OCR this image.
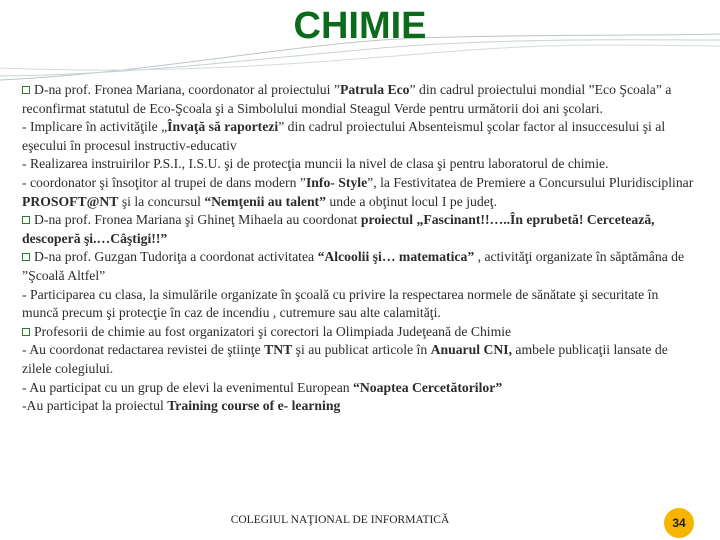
CHIMIE

D-na prof. Fronea Mariana, coordonator al proiectului ”Patrula Eco” din cadrul proiectului mondial ”Eco Şcoala” a reconfirmat statutul de Eco-Şcoala şi a Simbolului mondial Steagul Verde pentru următorii doi ani şcolari.

- Implicare în activităţile „Învaţă să raportezi” din cadrul proiectului Absenteismul şcolar factor al insuccesului şi al eşecului în procesul instructiv-educativ

- Realizarea instruirilor P.S.I., I.S.U. şi de protecţia muncii la nivel de clasa şi pentru laboratorul de chimie.

- coordonator şi însoţitor al trupei de dans modern ”Info- Style”, la Festivitatea de Premiere a Concursului Pluridisciplinar PROSOFT@NT şi la concursul “Nemţenii au talent” unde a obţinut locul I pe judeţ.

D-na prof. Fronea Mariana şi Ghineţ Mihaela au coordonat proiectul „Fascinant!!…..În eprubetă! Cercetează, descoperă şi.…Câştigi!!”

D-na prof. Guzgan Tudoriţa a coordonat activitatea “Alcoolii şi… matematica” , activităţi organizate în săptămâna de ”Şcoală Altfel”

- Participarea cu clasa, la simulările organizate în şcoală cu privire la respectarea normele de sănătate şi securitate în muncă precum şi protecţie în caz de incendiu , cutremure sau alte calamităţi.

Profesorii de chimie au fost organizatori şi corectori la Olimpiada Judeţeană de Chimie

- Au coordonat redactarea revistei de ştiinţe TNT şi au publicat articole în Anuarul CNI, ambele publicaţii lansate de zilele colegiului.

- Au participat cu un grup de elevi la evenimentul European “Noaptea Cercetătorilor”

-Au participat la proiectul Training course of e- learning

COLEGIUL NAŢIONAL DE INFORMATICĂ	34
